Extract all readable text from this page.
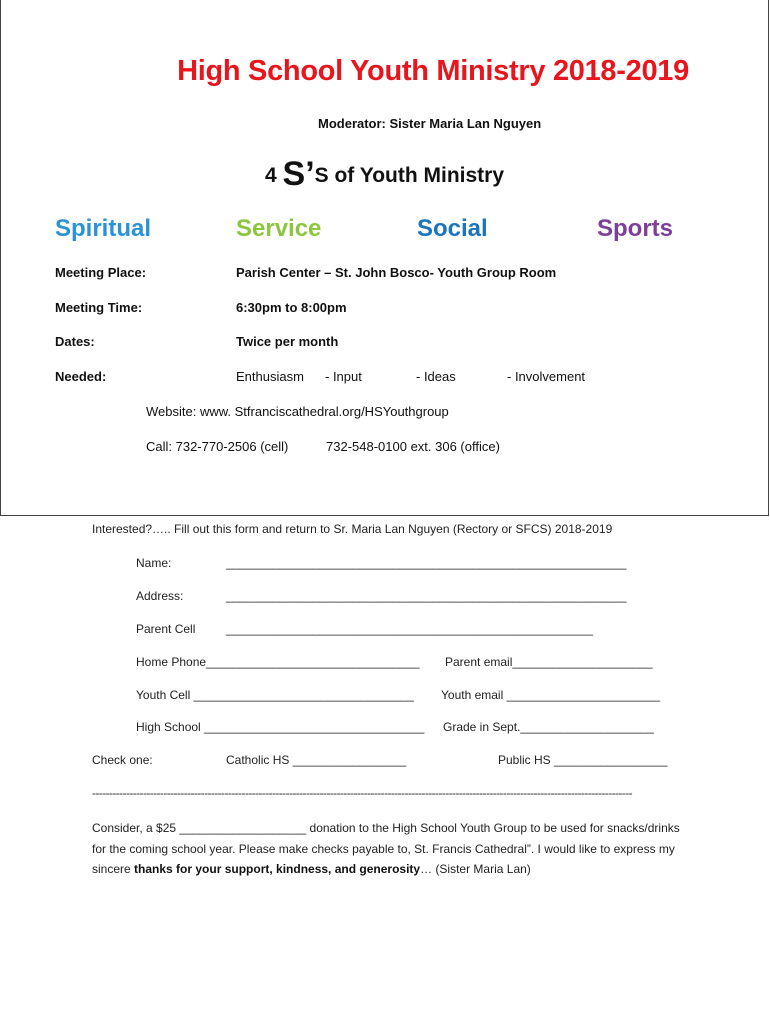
High School Youth Ministry 2018-2019
Moderator: Sister Maria Lan Nguyen
4 S’S of Youth Ministry
Spiritual	Service	Social	Sports
Meeting Place:	Parish Center – St. John Bosco- Youth Group Room
Meeting Time:	6:30pm to 8:00pm
Dates:	Twice per month
Needed:	Enthusiasm - Input	- Ideas	- Involvement
Website: www. Stfranciscathedral.org/HSYouthgroup
Call: 732-770-2506 (cell)	732-548-0100 ext. 306 (office)
Interested?….. Fill out this form and return to Sr. Maria Lan Nguyen (Rectory or SFCS) 2018-2019
Name:	____________________________________________________________
Address:	____________________________________________________________
Parent Cell	_______________________________________________________
Home Phone________________________________ Parent email_____________________
Youth Cell _________________________________ Youth email _______________________
High School _________________________________ Grade in Sept.____________________
Check one:	Catholic HS _________________	Public HS _________________
---------------------------------------------------------------------------------------------------------------------------------------------------------------
Consider, a $25 ___________________ donation to the High School Youth Group to be used for snacks/drinks for the coming school year. Please make checks payable to, St. Francis Cathedral”. I would like to express my sincere thanks for your support, kindness, and generosity… (Sister Maria Lan)
